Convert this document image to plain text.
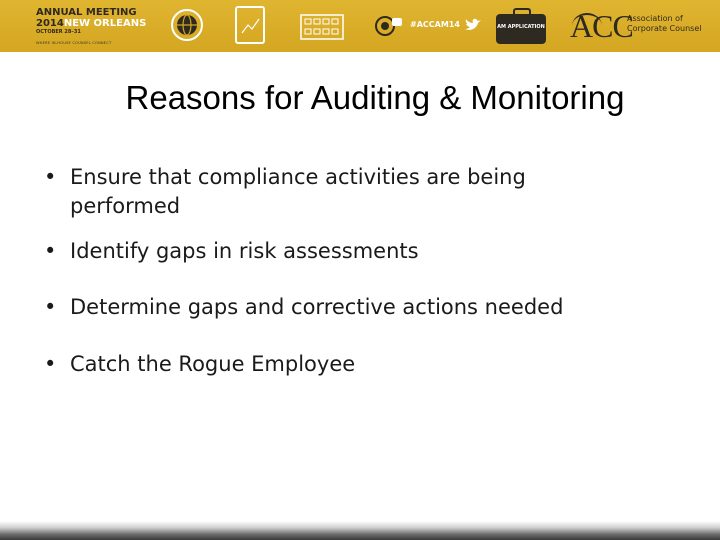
ANNUAL MEETING
2014NEW ORLEANS
OCTOBER 28–31
WHERE IN-HOUSE COUNSEL CONNECT
#ACCAM14	AM APPLICATION ACC
Association of
Corporate Counsel
Reasons for Auditing & Monitoring
• Ensure that compliance activities are being
performed
• Identify gaps in risk assessments
• Determine gaps and corrective actions needed
• Catch the Rogue Employee
